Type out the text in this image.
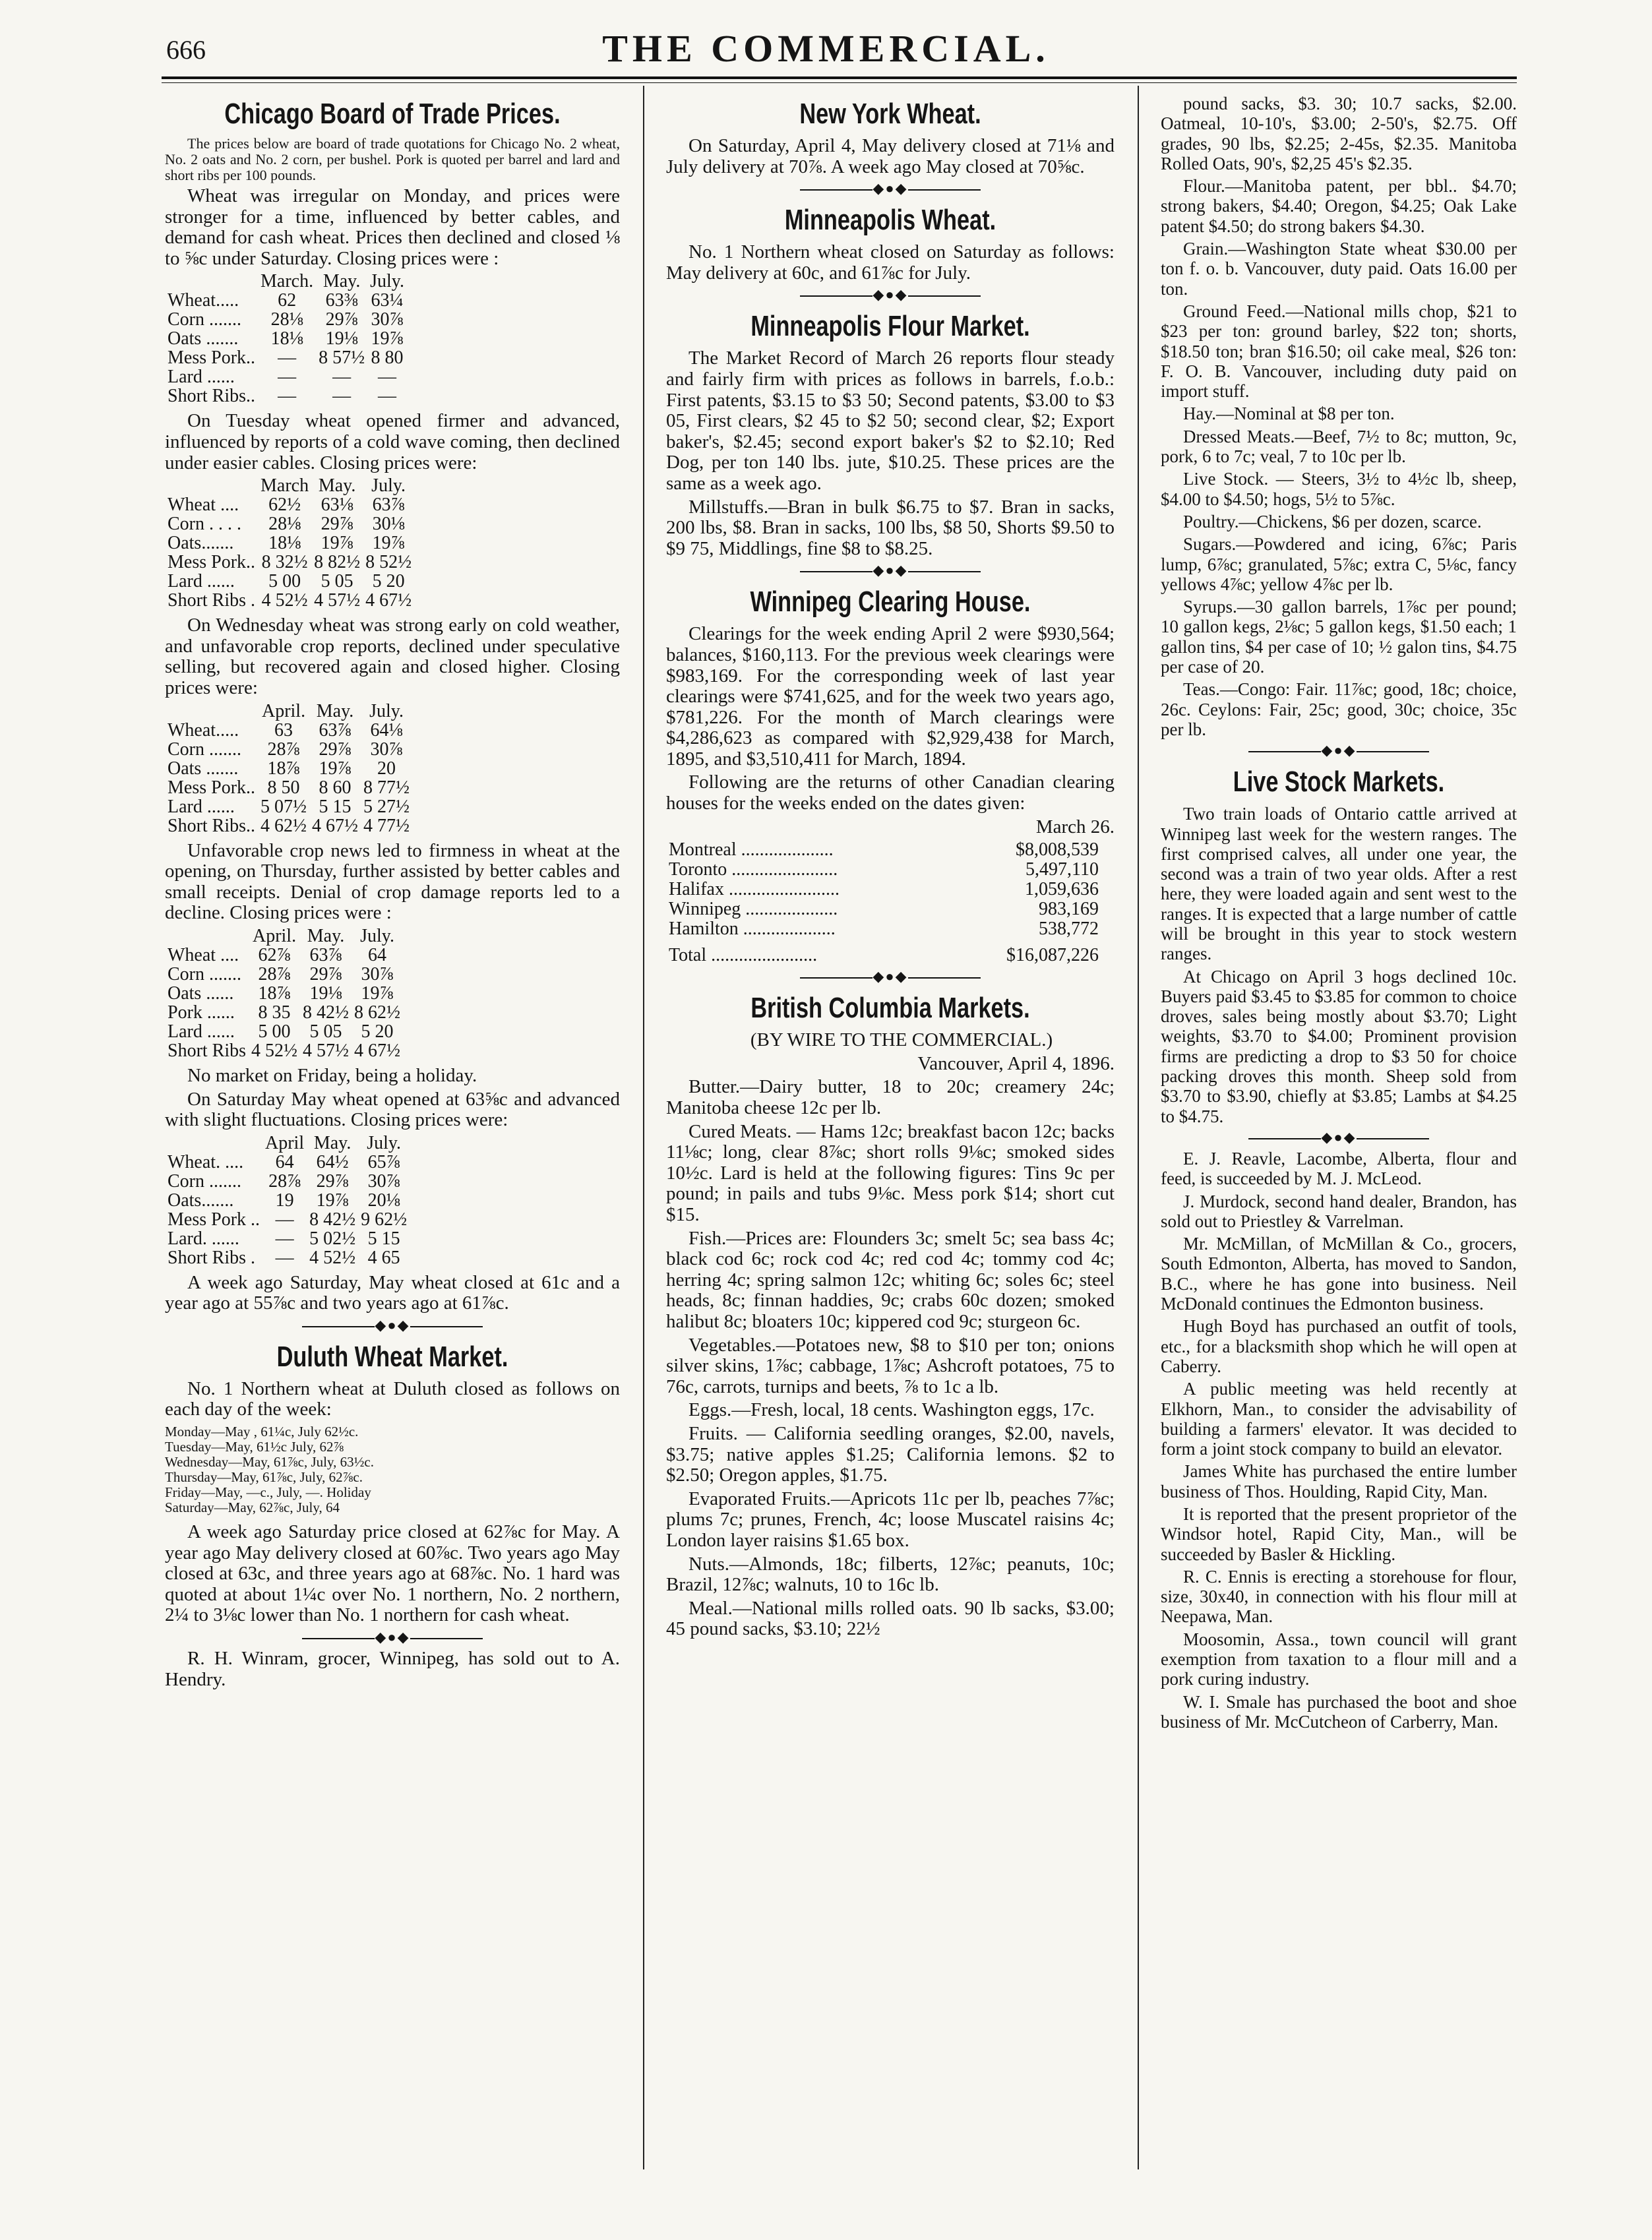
666	THE COMMERCIAL.
Chicago Board of Trade Prices.

The prices below are board of trade quotations for Chicago No. 2 wheat, No. 2 oats and No. 2 corn, per bushel. Pork is quoted per barrel and lard and short ribs per 100 pounds.

Wheat was irregular on Monday, and prices were stronger for a time, influenced by better cables, and demand for cash wheat. Prices then declined and closed ⅛ to ⅝c under Saturday. Closing prices were :

	March.	May.	July.
Wheat.....	62	63⅜	63¼
Corn .......	28⅛	29⅞	30⅞
Oats .......	18⅛	19⅛	19⅞
Mess Pork..	—	8 57½	8 80
Lard ......	—	—	—
Short Ribs..	—	—	—

On Tuesday wheat opened firmer and advanced, influenced by reports of a cold wave coming, then declined under easier cables. Closing prices were:

	March	May.	July.
Wheat ....	62½	63⅛	63⅞
Corn . . . .	28⅛	29⅞	30⅛
Oats.......	18⅛	19⅞	19⅞
Mess Pork..	8 32½	8 82½	8 52½
Lard ......	5 00	5 05	5 20
Short Ribs .	4 52½	4 57½	4 67½

On Wednesday wheat was strong early on cold weather, and unfavorable crop reports, declined under speculative selling, but recovered again and closed higher. Closing prices were:

	April.	May.	July.
Wheat.....	63	63⅞	64⅛
Corn .......	28⅞	29⅞	30⅞
Oats .......	18⅞	19⅞	20
Mess Pork..	8 50	8 60	8 77½
Lard ......	5 07½	5 15	5 27½
Short Ribs..	4 62½	4 67½	4 77½

Unfavorable crop news led to firmness in wheat at the opening, on Thursday, further assisted by better cables and small receipts. Denial of crop damage reports led to a decline. Closing prices were :

	April.	May.	July.
Wheat ....	62⅞	63⅞	64
Corn .......	28⅞	29⅞	30⅞
Oats ......	18⅞	19⅛	19⅞
Pork ......	8 35	8 42½	8 62½
Lard ......	5 00	5 05	5 20
Short Ribs	4 52½	4 57½	4 67½

No market on Friday, being a holiday.

On Saturday May wheat opened at 63⅝c and advanced with slight fluctuations. Closing prices were:

	April	May.	July.
Wheat. ....	64	64½	65⅞
Corn .......	28⅞	29⅞	30⅞
Oats.......	19	19⅞	20⅛
Mess Pork ..	—	8 42½	9 62½
Lard. ......	—	5 02½	5 15
Short Ribs .	—	4 52½	4 65

A week ago Saturday, May wheat closed at 61c and a year ago at 55⅞c and two years ago at 61⅞c.

◆●◆
Duluth Wheat Market.

No. 1 Northern wheat at Duluth closed as follows on each day of the week:

Monday—May , 61¼c, July 62½c.
Tuesday—May, 61½c July, 62⅞
Wednesday—May, 61⅞c, July, 63½c.
Thursday—May, 61⅞c, July, 62⅞c.
Friday—May, —c., July, —. Holiday
Saturday—May, 62⅞c, July, 64

A week ago Saturday price closed at 62⅞c for May. A year ago May delivery closed at 60⅞c. Two years ago May closed at 63c, and three years ago at 68⅞c. No. 1 hard was quoted at about 1¼c over No. 1 northern, No. 2 northern, 2¼ to 3⅛c lower than No. 1 northern for cash wheat.

◆●◆

R. H. Winram, grocer, Winnipeg, has sold out to A. Hendry.

New York Wheat.

On Saturday, April 4, May delivery closed at 71⅛ and July delivery at 70⅞. A week ago May closed at 70⅝c.

◆●◆
Minneapolis Wheat.

No. 1 Northern wheat closed on Saturday as follows: May delivery at 60c, and 61⅞c for July.

◆●◆
Minneapolis Flour Market.

The Market Record of March 26 reports flour steady and fairly firm with prices as follows in barrels, f.o.b.: First patents, $3.15 to $3 50; Second patents, $3.00 to $3 05, First clears, $2 45 to $2 50; second clear, $2; Export baker's, $2.45; second export baker's $2 to $2.10; Red Dog, per ton 140 lbs. jute, $10.25. These prices are the same as a week ago.

Millstuffs.—Bran in bulk $6.75 to $7. Bran in sacks, 200 lbs, $8. Bran in sacks, 100 lbs, $8 50, Shorts $9.50 to $9 75, Middlings, fine $8 to $8.25.

◆●◆
Winnipeg Clearing House.

Clearings for the week ending April 2 were $930,564; balances, $160,113. For the previous week clearings were $983,169. For the corresponding week of last year clearings were $741,625, and for the week two years ago, $781,226. For the month of March clearings were $4,286,623 as compared with $2,929,438 for March, 1895, and $3,510,411 for March, 1894.

Following are the returns of other Canadian clearing houses for the weeks ended on the dates given:

March 26.

Montreal ....................	$8,008,539
Toronto .......................	5,497,110
Halifax ........................	1,059,636
Winnipeg ....................	983,169
Hamilton ....................	538,772

Total .......................	$16,087,226
◆●◆
British Columbia Markets.

(BY WIRE TO THE COMMERCIAL.)

Vancouver, April 4, 1896.

Butter.—Dairy butter, 18 to 20c; creamery 24c; Manitoba cheese 12c per lb.

Cured Meats. — Hams 12c; breakfast bacon 12c; backs 11⅛c; long, clear 8⅞c; short rolls 9⅛c; smoked sides 10½c. Lard is held at the following figures: Tins 9c per pound; in pails and tubs 9⅛c. Mess pork $14; short cut $15.

Fish.—Prices are: Flounders 3c; smelt 5c; sea bass 4c; black cod 6c; rock cod 4c; red cod 4c; tommy cod 4c; herring 4c; spring salmon 12c; whiting 6c; soles 6c; steel heads, 8c; finnan haddies, 9c; crabs 60c dozen; smoked halibut 8c; bloaters 10c; kippered cod 9c; sturgeon 6c.

Vegetables.—Potatoes new, $8 to $10 per ton; onions silver skins, 1⅞c; cabbage, 1⅞c; Ashcroft potatoes, 75 to 76c, carrots, turnips and beets, ⅞ to 1c a lb.

Eggs.—Fresh, local, 18 cents. Washington eggs, 17c.

Fruits. — California seedling oranges, $2.00, navels, $3.75; native apples $1.25; California lemons. $2 to $2.50; Oregon apples, $1.75.

Evaporated Fruits.—Apricots 11c per lb, peaches 7⅞c; plums 7c; prunes, French, 4c; loose Muscatel raisins 4c; London layer raisins $1.65 box.

Nuts.—Almonds, 18c; filberts, 12⅞c; peanuts, 10c; Brazil, 12⅞c; walnuts, 10 to 16c lb.

Meal.—National mills rolled oats. 90 lb sacks, $3.00; 45 pound sacks, $3.10; 22½

pound sacks, $3. 30; 10.7 sacks, $2.00. Oatmeal, 10-10's, $3.00; 2-50's, $2.75. Off grades, 90 lbs, $2.25; 2-45s, $2.35. Manitoba Rolled Oats, 90's, $2,25 45's $2.35.

Flour.—Manitoba patent, per bbl.. $4.70; strong bakers, $4.40; Oregon, $4.25; Oak Lake patent $4.50; do strong bakers $4.30.

Grain.—Washington State wheat $30.00 per ton f. o. b. Vancouver, duty paid. Oats 16.00 per ton.

Ground Feed.—National mills chop, $21 to $23 per ton: ground barley, $22 ton; shorts, $18.50 ton; bran $16.50; oil cake meal, $26 ton: F. O. B. Vancouver, including duty paid on import stuff.

Hay.—Nominal at $8 per ton.

Dressed Meats.—Beef, 7½ to 8c; mutton, 9c, pork, 6 to 7c; veal, 7 to 10c per lb.

Live Stock. — Steers, 3½ to 4½c lb, sheep, $4.00 to $4.50; hogs, 5½ to 5⅞c.

Poultry.—Chickens, $6 per dozen, scarce.

Sugars.—Powdered and icing, 6⅞c; Paris lump, 6⅞c; granulated, 5⅞c; extra C, 5⅛c, fancy yellows 4⅞c; yellow 4⅞c per lb.

Syrups.—30 gallon barrels, 1⅞c per pound; 10 gallon kegs, 2⅛c; 5 gallon kegs, $1.50 each; 1 gallon tins, $4 per case of 10; ½ galon tins, $4.75 per case of 20.

Teas.—Congo: Fair. 11⅞c; good, 18c; choice, 26c. Ceylons: Fair, 25c; good, 30c; choice, 35c per lb.

◆●◆
Live Stock Markets.

Two train loads of Ontario cattle arrived at Winnipeg last week for the western ranges. The first comprised calves, all under one year, the second was a train of two year olds. After a rest here, they were loaded again and sent west to the ranges. It is expected that a large number of cattle will be brought in this year to stock western ranges.

At Chicago on April 3 hogs declined 10c. Buyers paid $3.45 to $3.85 for common to choice droves, sales being mostly about $3.70; Light weights, $3.70 to $4.00; Prominent provision firms are predicting a drop to $3 50 for choice packing droves this month. Sheep sold from $3.70 to $3.90, chiefly at $3.85; Lambs at $4.25 to $4.75.

◆●◆

E. J. Reavle, Lacombe, Alberta, flour and feed, is succeeded by M. J. McLeod.

J. Murdock, second hand dealer, Brandon, has sold out to Priestley & Varrelman.

Mr. McMillan, of McMillan & Co., grocers, South Edmonton, Alberta, has moved to Sandon, B.C., where he has gone into business. Neil McDonald continues the Edmonton business.

Hugh Boyd has purchased an outfit of tools, etc., for a blacksmith shop which he will open at Caberry.

A public meeting was held recently at Elkhorn, Man., to consider the advisability of building a farmers' elevator. It was decided to form a joint stock company to build an elevator.

James White has purchased the entire lumber business of Thos. Houlding, Rapid City, Man.

It is reported that the present proprietor of the Windsor hotel, Rapid City, Man., will be succeeded by Basler & Hickling.

R. C. Ennis is erecting a storehouse for flour, size, 30x40, in connection with his flour mill at Neepawa, Man.

Moosomin, Assa., town council will grant exemption from taxation to a flour mill and a pork curing industry.

W. I. Smale has purchased the boot and shoe business of Mr. McCutcheon of Carberry, Man.
